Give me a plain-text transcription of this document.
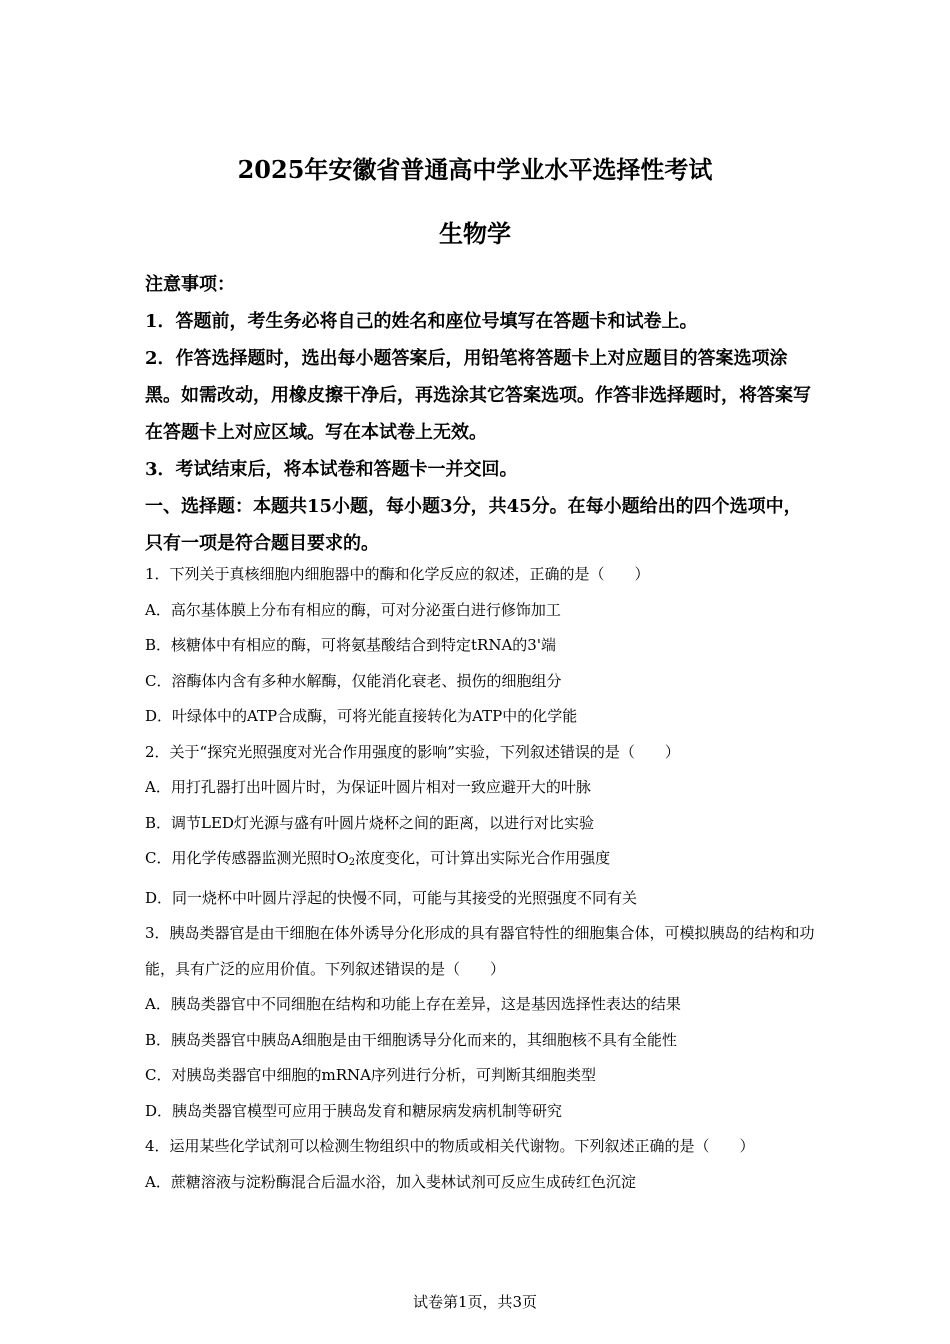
2025年安徽省普通高中学业水平选择性考试
生物学

注意事项：

1．答题前，考生务必将自己的姓名和座位号填写在答题卡和试卷上。

2．作答选择题时，选出每小题答案后，用铅笔将答题卡上对应题目的答案选项涂黑。如需改动，用橡皮擦干净后，再选涂其它答案选项。作答非选择题时，将答案写在答题卡上对应区域。写在本试卷上无效。

3．考试结束后，将本试卷和答题卡一并交回。

一、选择题：本题共15小题，每小题3分，共45分。在每小题给出的四个选项中，只有一项是符合题目要求的。

1．下列关于真核细胞内细胞器中的酶和化学反应的叙述，正确的是（　　）

A．高尔基体膜上分布有相应的酶，可对分泌蛋白进行修饰加工

B．核糖体中有相应的酶，可将氨基酸结合到特定tRNA的3'端

C．溶酶体内含有多种水解酶，仅能消化衰老、损伤的细胞组分

D．叶绿体中的ATP合成酶，可将光能直接转化为ATP中的化学能

2．关于“探究光照强度对光合作用强度的影响”实验，下列叙述错误的是（　　）

A．用打孔器打出叶圆片时，为保证叶圆片相对一致应避开大的叶脉

B．调节LED灯光源与盛有叶圆片烧杯之间的距离，以进行对比实验

C．用化学传感器监测光照时$O_2$浓度变化，可计算出实际光合作用强度

D．同一烧杯中叶圆片浮起的快慢不同，可能与其接受的光照强度不同有关

3．胰岛类器官是由干细胞在体外诱导分化形成的具有器官特性的细胞集合体，可模拟胰岛的结构和功能，具有广泛的应用价值。下列叙述错误的是（　　）

A．胰岛类器官中不同细胞在结构和功能上存在差异，这是基因选择性表达的结果

B．胰岛类器官中胰岛A细胞是由干细胞诱导分化而来的，其细胞核不具有全能性

C．对胰岛类器官中细胞的mRNA序列进行分析，可判断其细胞类型

D．胰岛类器官模型可应用于胰岛发育和糖尿病发病机制等研究

4．运用某些化学试剂可以检测生物组织中的物质或相关代谢物。下列叙述正确的是（　　）

A．蔗糖溶液与淀粉酶混合后温水浴，加入斐林试剂可反应生成砖红色沉淀

试卷第1页，共3页
